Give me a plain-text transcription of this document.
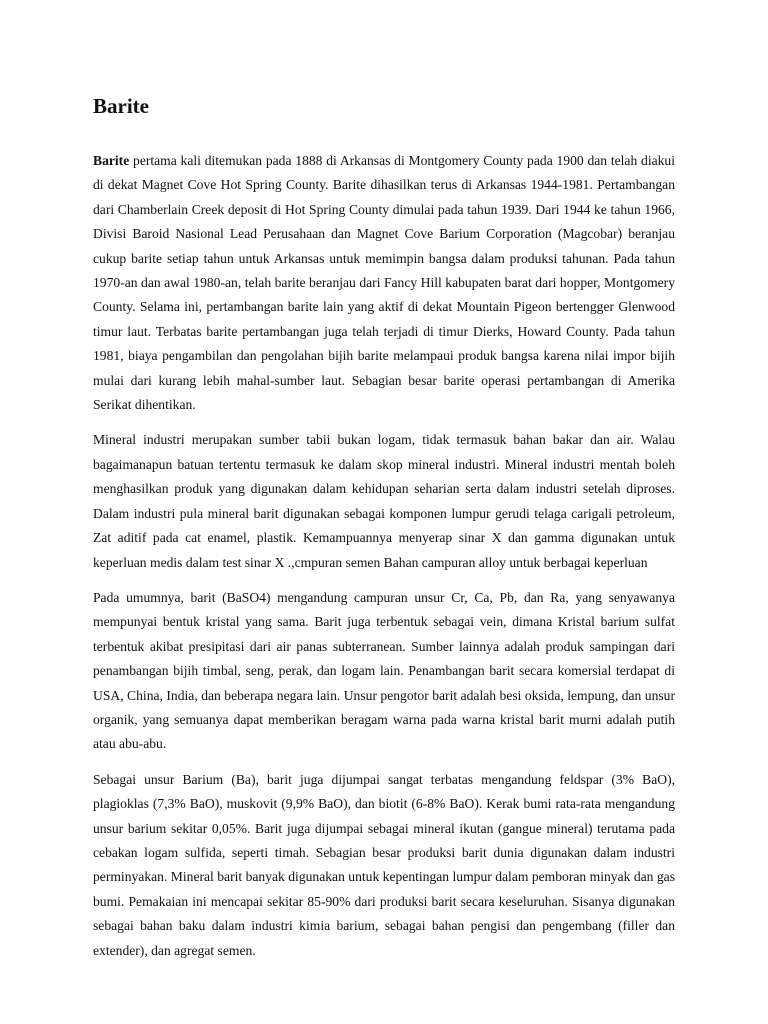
Barite

Barite pertama kali ditemukan pada 1888 di Arkansas di Montgomery County pada 1900 dan telah diakui di dekat Magnet Cove Hot Spring County. Barite dihasilkan terus di Arkansas 1944-1981. Pertambangan dari Chamberlain Creek deposit di Hot Spring County dimulai pada tahun 1939. Dari 1944 ke tahun 1966, Divisi Baroid Nasional Lead Perusahaan dan Magnet Cove Barium Corporation (Magcobar) beranjau cukup barite setiap tahun untuk Arkansas untuk memimpin bangsa dalam produksi tahunan. Pada tahun 1970-an dan awal 1980-an, telah barite beranjau dari Fancy Hill kabupaten barat dari hopper, Montgomery County. Selama ini, pertambangan barite lain yang aktif di dekat Mountain Pigeon bertengger Glenwood timur laut. Terbatas barite pertambangan juga telah terjadi di timur Dierks, Howard County. Pada tahun 1981, biaya pengambilan dan pengolahan bijih barite melampaui produk bangsa karena nilai impor bijih mulai dari kurang lebih mahal-sumber laut. Sebagian besar barite operasi pertambangan di Amerika Serikat dihentikan.

Mineral industri merupakan sumber tabii bukan logam, tidak termasuk bahan bakar dan air. Walau bagaimanapun batuan tertentu termasuk ke dalam skop mineral industri. Mineral industri mentah boleh menghasilkan produk yang digunakan dalam kehidupan seharian serta dalam industri setelah diproses. Dalam industri pula mineral barit digunakan sebagai komponen lumpur gerudi telaga carigali petroleum, Zat aditif pada cat enamel, plastik. Kemampuannya menyerap sinar X dan gamma digunakan untuk keperluan medis dalam test sinar X .,cmpuran semen Bahan campuran alloy untuk berbagai keperluan

Pada umumnya, barit (BaSO4) mengandung campuran unsur Cr, Ca, Pb, dan Ra, yang senyawanya mempunyai bentuk kristal yang sama. Barit juga terbentuk sebagai vein, dimana Kristal barium sulfat terbentuk akibat presipitasi dari air panas subterranean. Sumber lainnya adalah produk sampingan dari penambangan bijih timbal, seng, perak, dan logam lain. Penambangan barit secara komersial terdapat di USA, China, India, dan beberapa negara lain. Unsur pengotor barit adalah besi oksida, lempung, dan unsur organik, yang semuanya dapat memberikan beragam warna pada warna kristal barit murni adalah putih atau abu-abu.

Sebagai unsur Barium (Ba), barit juga dijumpai sangat terbatas mengandung feldspar (3% BaO), plagioklas (7,3% BaO), muskovit (9,9% BaO), dan biotit (6-8% BaO). Kerak bumi rata-rata mengandung unsur barium sekitar 0,05%. Barit juga dijumpai sebagai mineral ikutan (gangue mineral) terutama pada cebakan logam sulfida, seperti timah. Sebagian besar produksi barit dunia digunakan dalam industri perminyakan. Mineral barit banyak digunakan untuk kepentingan lumpur dalam pemboran minyak dan gas bumi. Pemakaian ini mencapai sekitar 85-90% dari produksi barit secara keseluruhan. Sisanya digunakan sebagai bahan baku dalam industri kimia barium, sebagai bahan pengisi dan pengembang (filler dan extender), dan agregat semen.
